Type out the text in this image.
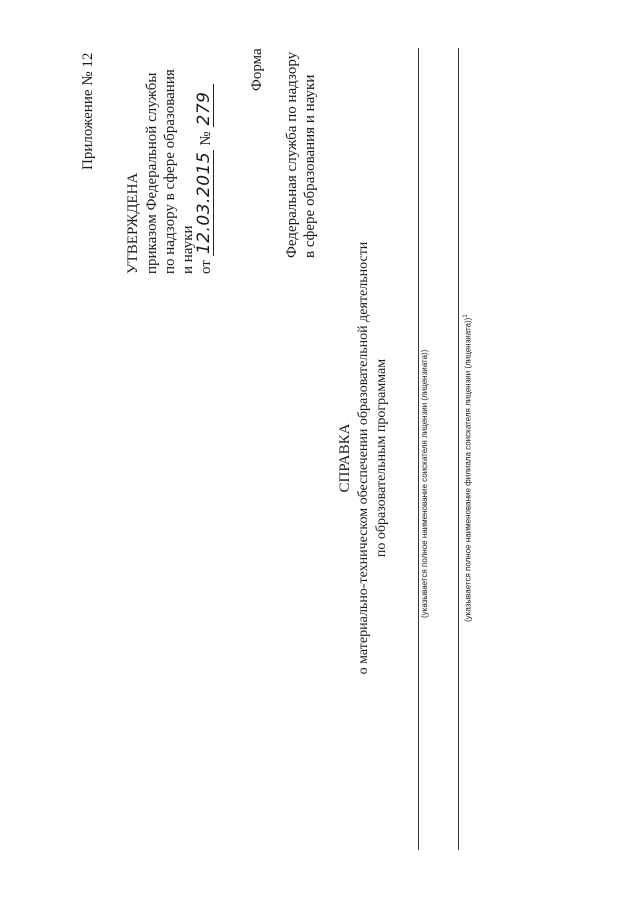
Приложение № 12
УТВЕРЖДЕНА приказом Федеральной службы по надзору в сфере образования и науки от
12.03.2015
№
279
Форма Федеральная служба по надзору в сфере образования и науки
СПРАВКА о материально-техническом обеспечении образовательной деятельности по образовательным программам	(указывается полное наименование соискателя лицензии (лицензиата))	(указывается полное наименование филиала соискателя лицензии (лицензиата))$^1$
